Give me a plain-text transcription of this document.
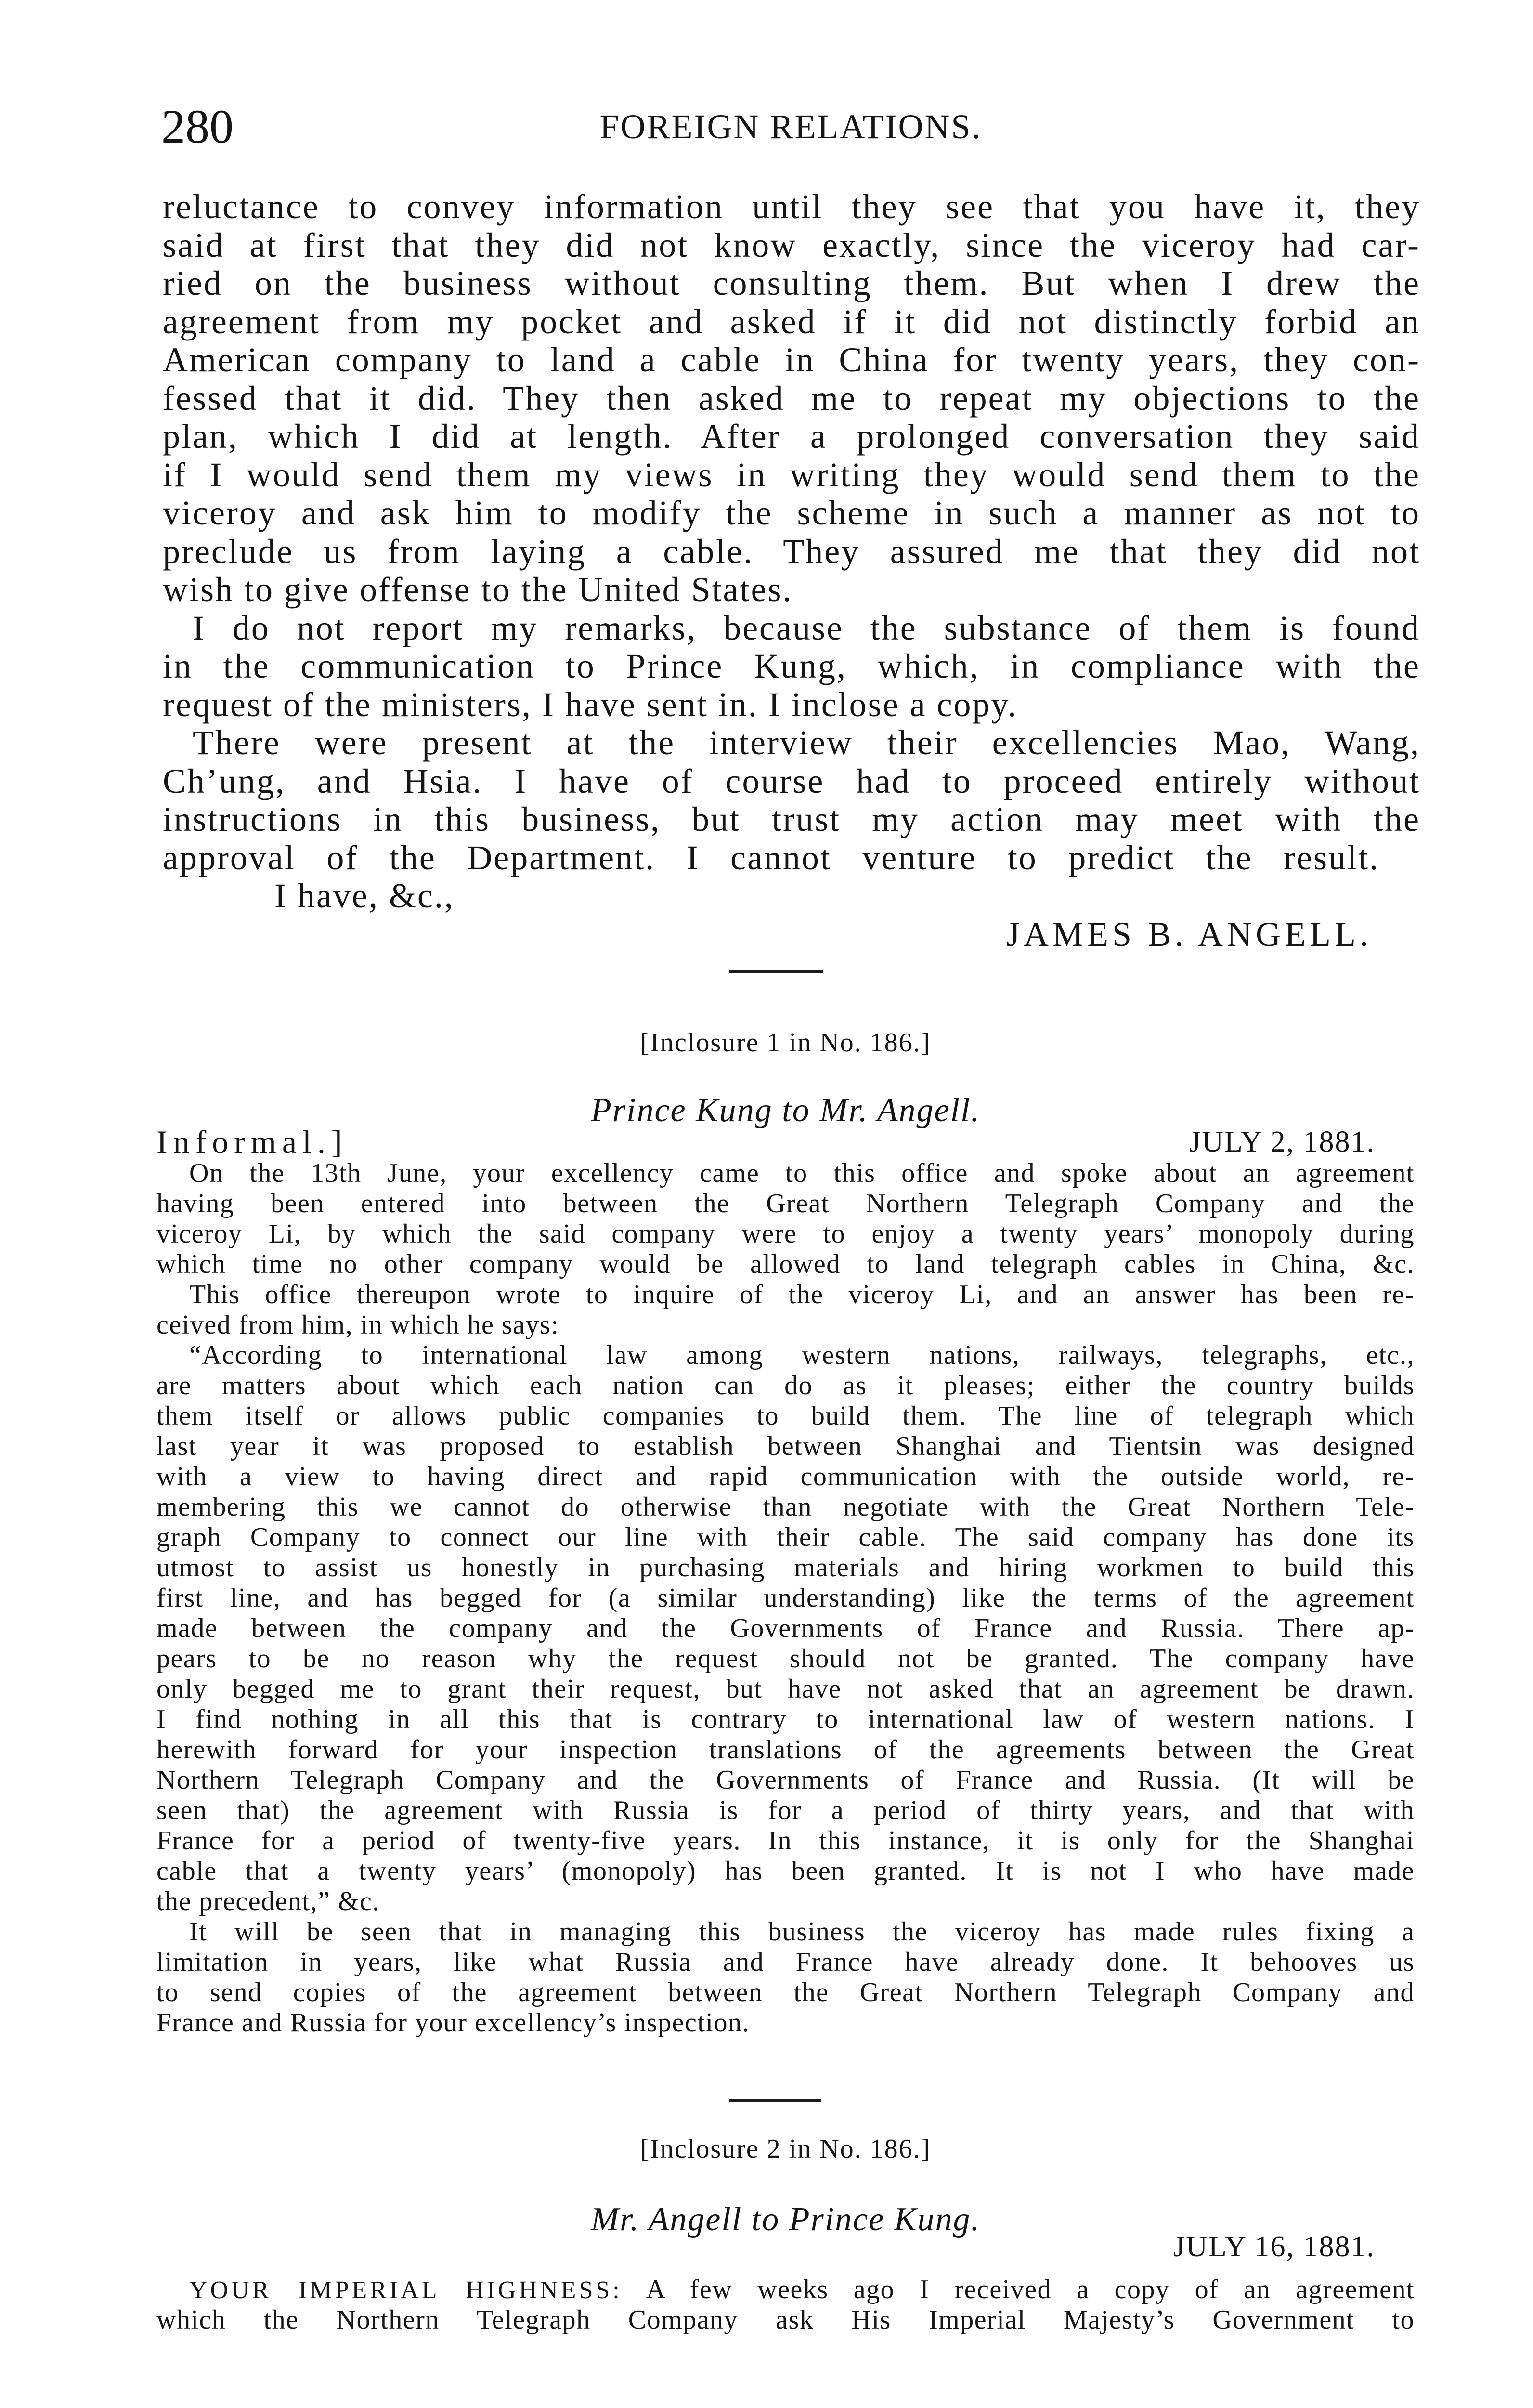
280	FOREIGN RELATIONS.
reluctance to convey information until they see that you have it, they
said at first that they did not know exactly, since the viceroy had car-
ried on the business without consulting them. But when I drew the
agreement from my pocket and asked if it did not distinctly forbid an
American company to land a cable in China for twenty years, they con-
fessed that it did. They then asked me to repeat my objections to the
plan, which I did at length. After a prolonged conversation they said
if I would send them my views in writing they would send them to the
viceroy and ask him to modify the scheme in such a manner as not to
preclude us from laying a cable. They assured me that they did not
wish to give offense to the United States.
I do not report my remarks, because the substance of them is found
in the communication to Prince Kung, which, in compliance with the
request of the ministers, I have sent in. I inclose a copy.
There were present at the interview their excellencies Mao, Wang,
Ch’ung, and Hsia. I have of course had to proceed entirely without
instructions in this business, but trust my action may meet with the
approval of the Department. I cannot venture to predict the result.
I have, &c.,
JAMES B. ANGELL.
[Inclosure 1 in No. 186.]
Prince Kung to Mr. Angell.
Informal.]	JULY 2, 1881.
On the 13th June, your excellency came to this office and spoke about an agreement
having been entered into between the Great Northern Telegraph Company and the
viceroy Li, by which the said company were to enjoy a twenty years’ monopoly during
which time no other company would be allowed to land telegraph cables in China, &c.
This office thereupon wrote to inquire of the viceroy Li, and an answer has been re-
ceived from him, in which he says:
“According to international law among western nations, railways, telegraphs, etc.,
are matters about which each nation can do as it pleases; either the country builds
them itself or allows public companies to build them. The line of telegraph which
last year it was proposed to establish between Shanghai and Tientsin was designed
with a view to having direct and rapid communication with the outside world, re-
membering this we cannot do otherwise than negotiate with the Great Northern Tele-
graph Company to connect our line with their cable. The said company has done its
utmost to assist us honestly in purchasing materials and hiring workmen to build this
first line, and has begged for (a similar understanding) like the terms of the agreement
made between the company and the Governments of France and Russia. There ap-
pears to be no reason why the request should not be granted. The company have
only begged me to grant their request, but have not asked that an agreement be drawn.
I find nothing in all this that is contrary to international law of western nations. I
herewith forward for your inspection translations of the agreements between the Great
Northern Telegraph Company and the Governments of France and Russia. (It will be
seen that) the agreement with Russia is for a period of thirty years, and that with
France for a period of twenty-five years. In this instance, it is only for the Shanghai
cable that a twenty years’ (monopoly) has been granted. It is not I who have made
the precedent,” &c.
It will be seen that in managing this business the viceroy has made rules fixing a
limitation in years, like what Russia and France have already done. It behooves us
to send copies of the agreement between the Great Northern Telegraph Company and
France and Russia for your excellency’s inspection.
[Inclosure 2 in No. 186.]
Mr. Angell to Prince Kung.
JULY 16, 1881.
YOUR IMPERIAL HIGHNESS: A few weeks ago I received a copy of an agreement
which the Northern Telegraph Company ask His Imperial Majesty’s Government to
